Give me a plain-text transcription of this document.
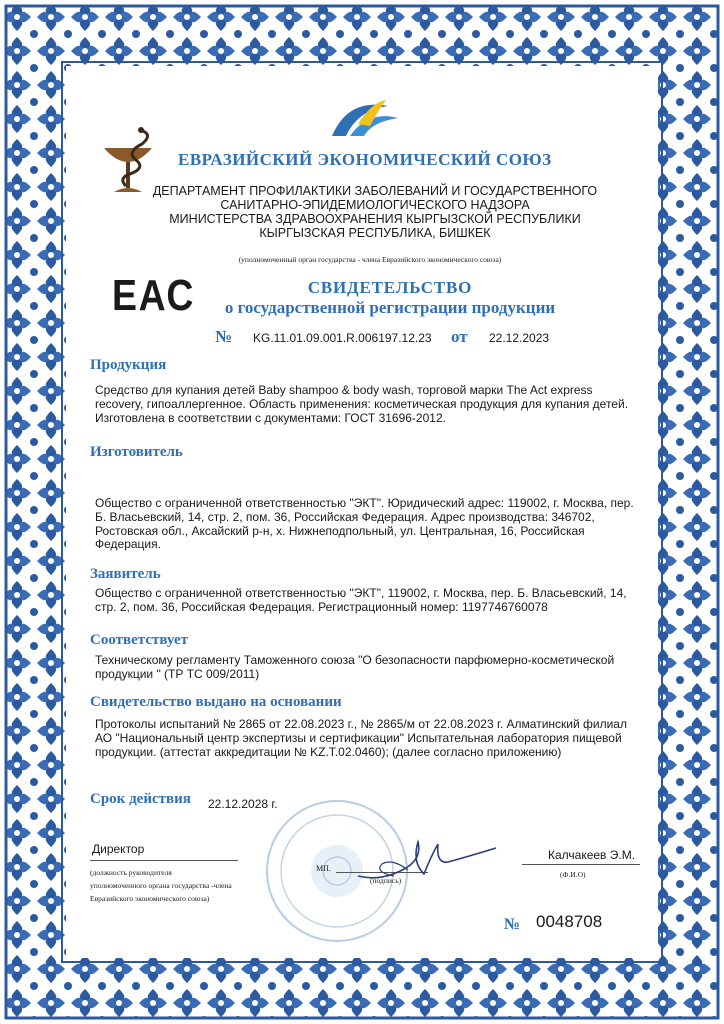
ЕВРАЗИЙСКИЙ ЭКОНОМИЧЕСКИЙ СОЮЗ
ДЕПАРТАМЕНТ ПРОФИЛАКТИКИ ЗАБОЛЕВАНИЙ И ГОСУДАРСТВЕННОГО
САНИТАРНО-ЭПИДЕМИОЛОГИЧЕСКОГО НАДЗОРА
МИНИСТЕРСТВА ЗДРАВООХРАНЕНИЯ КЫРГЫЗСКОЙ РЕСПУБЛИКИ
КЫРГЫЗСКАЯ РЕСПУБЛИКА, БИШКЕК
(уполномоченный орган государства - члена Евразийского экономического союза)
ЕАС	СВИДЕТЕЛЬСТВО
о государственной регистрации продукции
№ KG.11.01.09.001.R.006197.12.23 от 22.12.2023
Продукция
Средство для купания детей Baby shampoo & body wash, торговой марки The Act express recovery, гипоаллергенное. Область применения: косметическая продукция для купания детей. Изготовлена в соответствии с документами: ГОСТ 31696-2012.
Изготовитель
Общество с ограниченной ответственностью "ЭКТ". Юридический адрес: 119002, г. Москва, пер. Б. Власьевский, 14, стр. 2, пом. 36, Российская Федерация. Адрес производства: 346702, Ростовская обл., Аксайский р-н, х. Нижнеподпольный, ул. Центральная, 16, Российская Федерация.
Заявитель
Общество с ограниченной ответственностью "ЭКТ", 119002, г. Москва, пер. Б. Власьевский, 14, стр. 2, пом. 36, Российская Федерация. Регистрационный номер: 1197746760078
Соответствует
Техническому регламенту Таможенного союза "О безопасности парфюмерно-косметической продукции " (ТР ТС 009/2011)
Свидетельство выдано на основании
Протоколы испытаний № 2865 от 22.08.2023 г., № 2865/м от 22.08.2023 г. Алматинский филиал АО "Национальный центр экспертизы и сертификации" Испытательная лаборатория пищевой продукции. (аттестат аккредитации № KZ.T.02.0460); (далее согласно приложению)
Срок действия 22.12.2028 г.
Директор
(должность руководителя
уполномоченного органа государства -члена
Евразийского экономического союза)
МП.
(подпись)
Калчакеев Э.М.
(Ф.И.О)
№ 0048708
